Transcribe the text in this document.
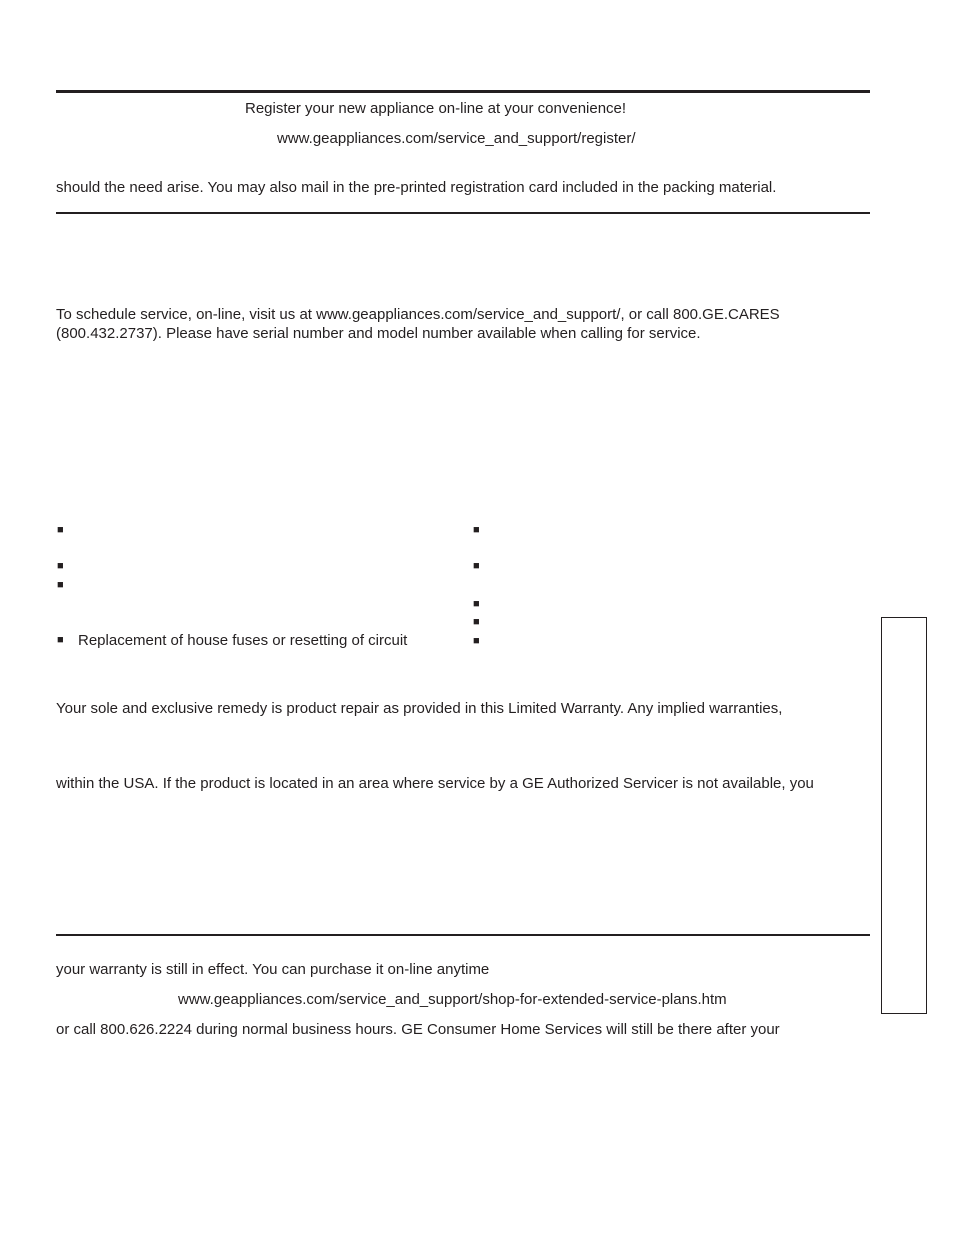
Register your new appliance on-line at your convenience!
www.geappliances.com/service_and_support/register/
should the need arise. You may also mail in the pre-printed registration card included in the packing material.
To schedule service, on-line, visit us at www.geappliances.com/service_and_support/, or call 800.GE.CARES
(800.432.2737). Please have serial number and model number available when calling for service.
■
■
■
■ Replacement of house fuses or resetting of circuit
■
■
■
■
■
Your sole and exclusive remedy is product repair as provided in this Limited Warranty. Any implied warranties,
within the USA. If the product is located in an area where service by a GE Authorized Servicer is not available, you
your warranty is still in effect. You can purchase it on-line anytime
www.geappliances.com/service_and_support/shop-for-extended-service-plans.htm
or call 800.626.2224 during normal business hours. GE Consumer Home Services will still be there after your
